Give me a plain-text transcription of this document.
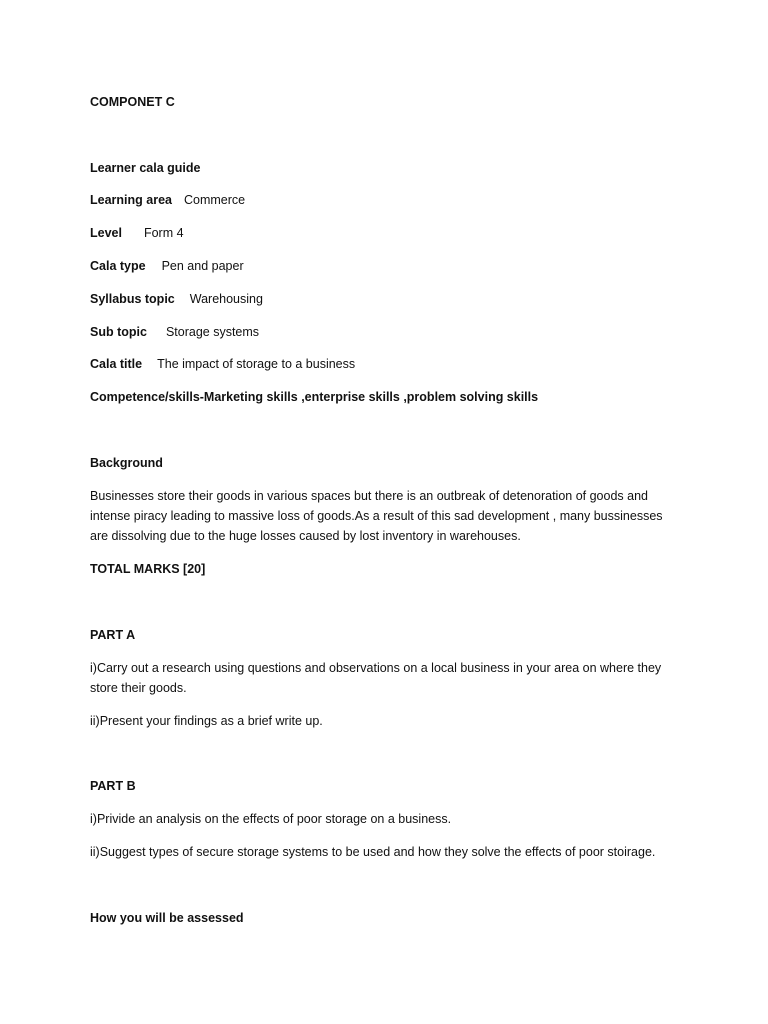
COMPONET C
Learner cala guide
Learning area Commerce
Level Form 4
Cala type Pen and paper
Syllabus topic Warehousing
Sub topic Storage systems
Cala title The impact of storage to a business
Competence/skills-Marketing skills ,enterprise skills ,problem solving skills
Background
Businesses store their goods in various spaces but there is an outbreak of detenoration of goods and intense piracy leading to massive loss of goods.As a result of this sad development , many bussinesses are dissolving due to the huge losses caused by lost inventory in warehouses.
TOTAL MARKS [20]
PART A
i)Carry out a research using questions and observations on a local business in your area on where they store their goods.
ii)Present your findings as a brief write up.
PART B
i)Privide an analysis on the effects of poor storage on a business.
ii)Suggest types of secure storage systems to be used and how they solve the effects of poor stoirage.
How you will be assessed
